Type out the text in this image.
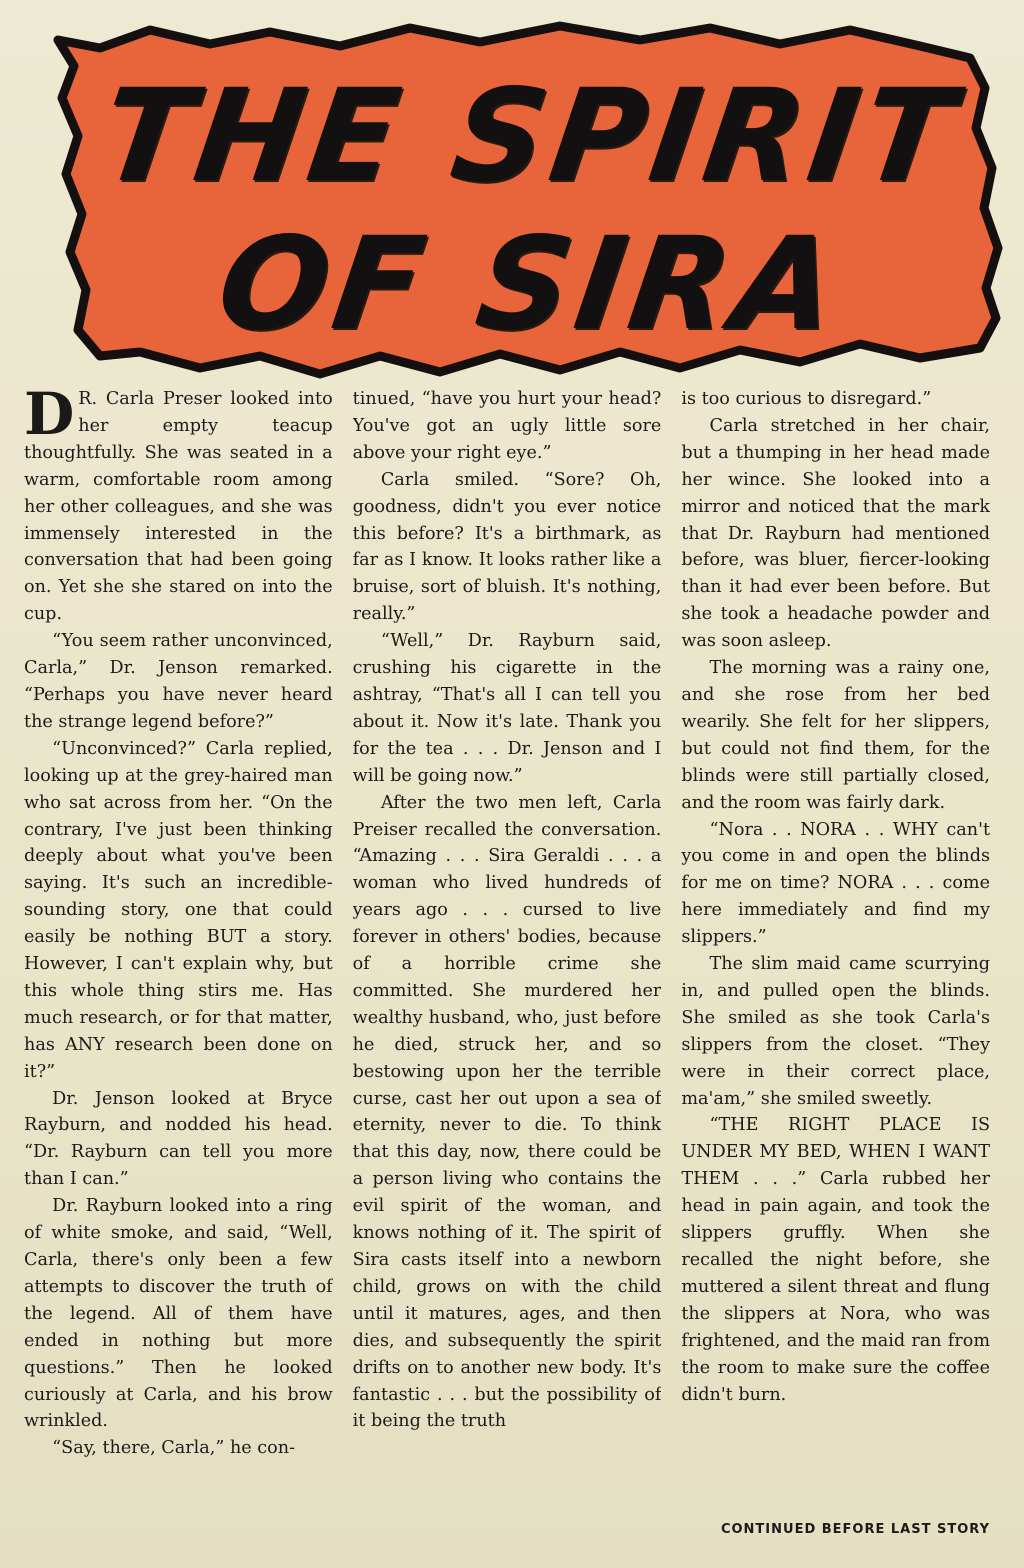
THE SPIRIT
OF SIRA

D R. Carla Preser looked into her empty teacup thoughtfully. She was seated in a warm, comfortable room among her other colleagues, and she was immensely interested in the conversation that had been going on. Yet she she stared on into the cup.

“You seem rather unconvinced, Carla,” Dr. Jenson remarked. “Perhaps you have never heard the strange legend before?”

“Unconvinced?” Carla replied, looking up at the grey-haired man who sat across from her. “On the contrary, I've just been thinking deeply about what you've been saying. It's such an incredible-sounding story, one that could easily be nothing BUT a story. However, I can't explain why, but this whole thing stirs me. Has much research, or for that matter, has ANY research been done on it?”

Dr. Jenson looked at Bryce Rayburn, and nodded his head. “Dr. Rayburn can tell you more than I can.”

Dr. Rayburn looked into a ring of white smoke, and said, “Well, Carla, there's only been a few attempts to discover the truth of the legend. All of them have ended in nothing but more questions.” Then he looked curiously at Carla, and his brow wrinkled.

“Say, there, Carla,” he con-

tinued, “have you hurt your head? You've got an ugly little sore above your right eye.”

Carla smiled. “Sore? Oh, goodness, didn't you ever notice this before? It's a birthmark, as far as I know. It looks rather like a bruise, sort of bluish. It's nothing, really.”

“Well,” Dr. Rayburn said, crushing his cigarette in the ashtray, “That's all I can tell you about it. Now it's late. Thank you for the tea . . . Dr. Jenson and I will be going now.”

After the two men left, Carla Preiser recalled the conversation. “Amazing . . . Sira Geraldi . . . a woman who lived hundreds of years ago . . . cursed to live forever in others' bodies, because of a horrible crime she committed. She murdered her wealthy husband, who, just before he died, struck her, and so bestowing upon her the terrible curse, cast her out upon a sea of eternity, never to die. To think that this day, now, there could be a person living who contains the evil spirit of the woman, and knows nothing of it. The spirit of Sira casts itself into a newborn child, grows on with the child until it matures, ages, and then dies, and subsequently the spirit drifts on to another new body. It's fantastic . . . but the possibility of it being the truth

is too curious to disregard.”

Carla stretched in her chair, but a thumping in her head made her wince. She looked into a mirror and noticed that the mark that Dr. Rayburn had mentioned before, was bluer, fiercer-looking than it had ever been before. But she took a headache powder and was soon asleep.

The morning was a rainy one, and she rose from her bed wearily. She felt for her slippers, but could not find them, for the blinds were still partially closed, and the room was fairly dark.

“Nora . . NORA . . WHY can't you come in and open the blinds for me on time? NORA . . . come here immediately and find my slippers.”

The slim maid came scurrying in, and pulled open the blinds. She smiled as she took Carla's slippers from the closet. “They were in their correct place, ma'am,” she smiled sweetly.

“THE RIGHT PLACE IS UNDER MY BED, WHEN I WANT THEM . . .” Carla rubbed her head in pain again, and took the slippers gruffly. When she recalled the night before, she muttered a silent threat and flung the slippers at Nora, who was frightened, and the maid ran from the room to make sure the coffee didn't burn.

CONTINUED BEFORE LAST STORY
